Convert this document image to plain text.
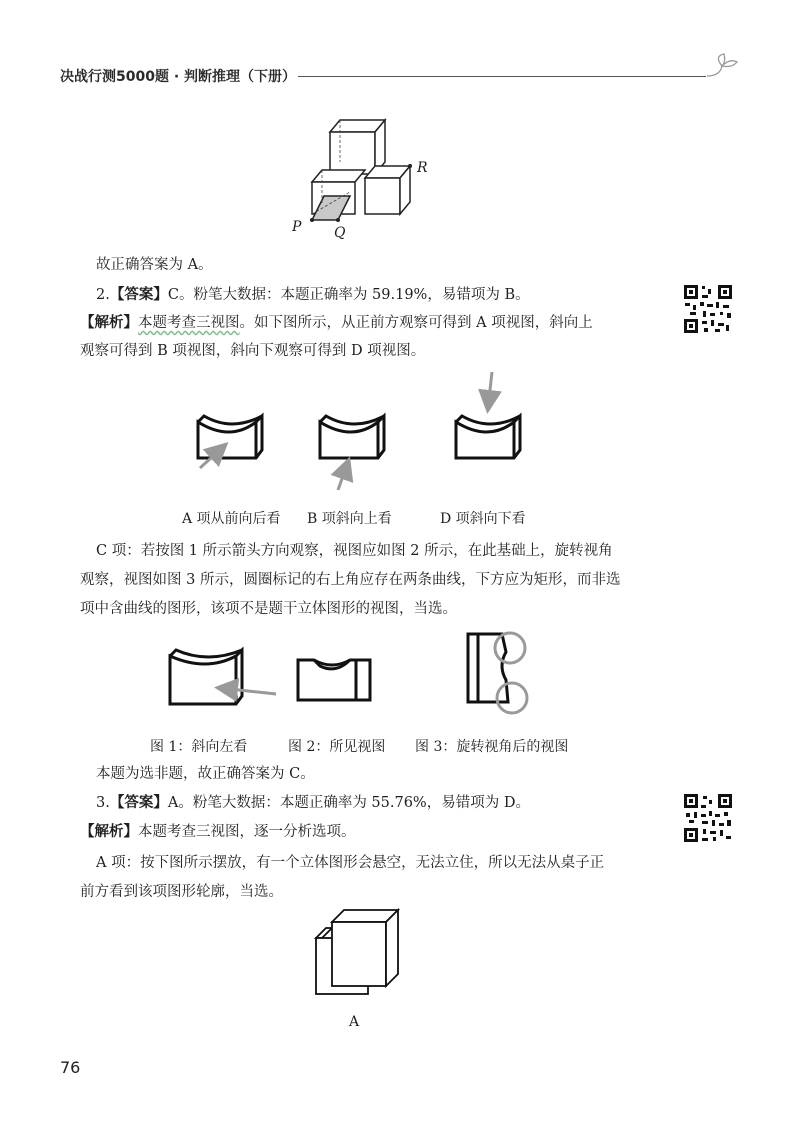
决战行测5000题 · 判断推理（下册）
P Q
R
故正确答案为 A。
2.【答案】C。粉笔大数据：本题正确率为 59.19%，易错项为 B。
【解析】本题考查三视图。如下图所示，从正前方观察可得到 A 项视图，斜向上
观察可得到 B 项视图，斜向下观察可得到 D 项视图。
A 项从前向后看 B 项斜向上看	D 项斜向下看
C 项：若按图 1 所示箭头方向观察，视图应如图 2 所示，在此基础上，旋转视角
观察，视图如图 3 所示，圆圈标记的右上角应存在两条曲线，下方应为矩形，而非选
项中含曲线的图形，该项不是题干立体图形的视图，当选。
图 1：斜向左看	图 2：所见视图 图 3：旋转视角后的视图
本题为选非题，故正确答案为 C。
3.【答案】A。粉笔大数据：本题正确率为 55.76%，易错项为 D。
【解析】本题考查三视图，逐一分析选项。
A 项：按下图所示摆放，有一个立体图形会悬空，无法立住，所以无法从桌子正
前方看到该项图形轮廓，当选。
A
76
